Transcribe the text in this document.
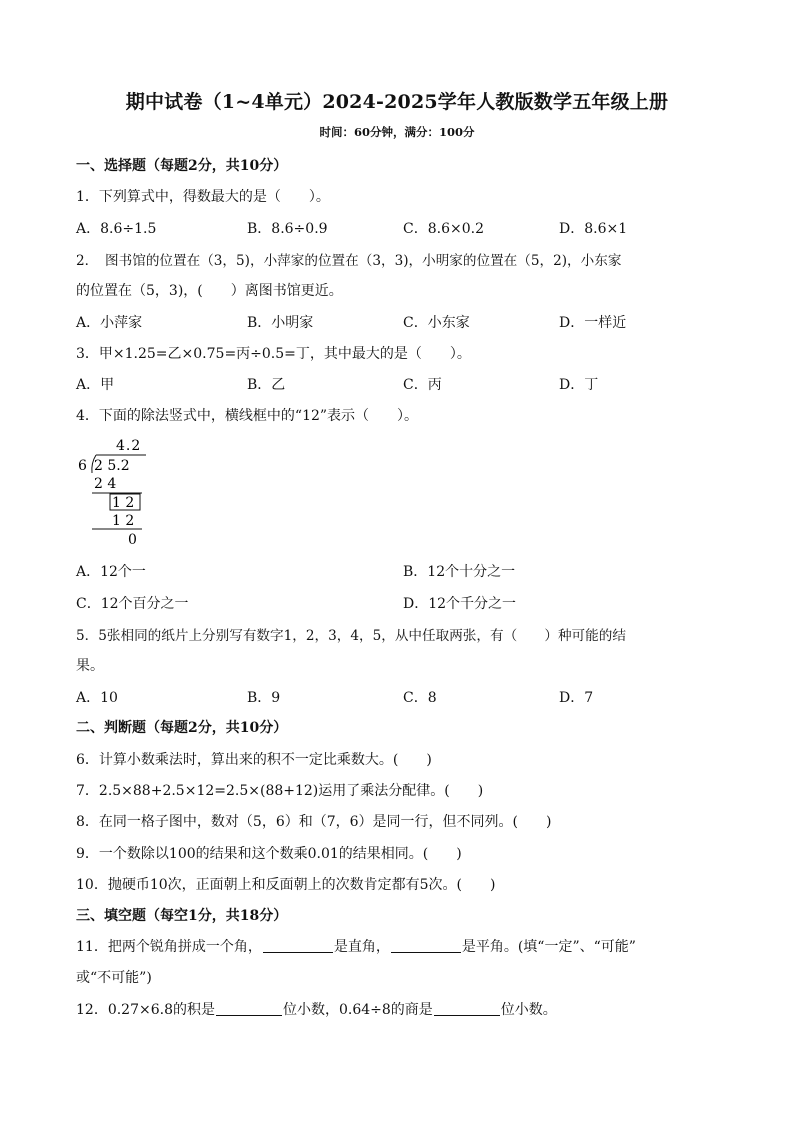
期中试卷（1~4单元）2024-2025学年人教版数学五年级上册
时间：60分钟，满分：100分
一、选择题（每题2分，共10分）
1．下列算式中，得数最大的是（　　）。
A．8.6÷1.5	B．8.6÷0.9	C．8.6×0.2	D．8.6×1
2．　图书馆的位置在（3，5)，小萍家的位置在（3，3)，小明家的位置在（5，2)，小东家
的位置在（5，3)，(　　）离图书馆更近。
A．小萍家	B．小明家	C．小东家	D．一样近
3．甲×1.25=乙×0.75=丙÷0.5=丁，其中最大的是（　　）。
A．甲	B．乙	C．丙	D．丁
4．下面的除法竖式中，横线框中的“12”表示（　　）。
4.2
6 2 5.2
2 4
1 2
1 2
0
A．12个一	B．12个十分之一
C．12个百分之一	D．12个千分之一
5．5张相同的纸片上分别写有数字1，2，3，4，5，从中任取两张，有（　　）种可能的结
果。
A．10	B．9	C．8	D．7
二、判断题（每题2分，共10分）
6．计算小数乘法时，算出来的积不一定比乘数大。(　　)
7．2.5×88+2.5×12=2.5×(88+12)运用了乘法分配律。(　　)
8．在同一格子图中，数对（5，6）和（7，6）是同一行，但不同列。(　　)
9．一个数除以100的结果和这个数乘0.01的结果相同。(　　)
10．抛硬币10次，正面朝上和反面朝上的次数肯定都有5次。(　　)
三、填空题（每空1分，共18分）
11．把两个锐角拼成一个角，	是直角，	是平角。(填“一定”、“可能”
或“不可能”)
12．0.27×6.8的积是	位小数，0.64÷8的商是	位小数。
